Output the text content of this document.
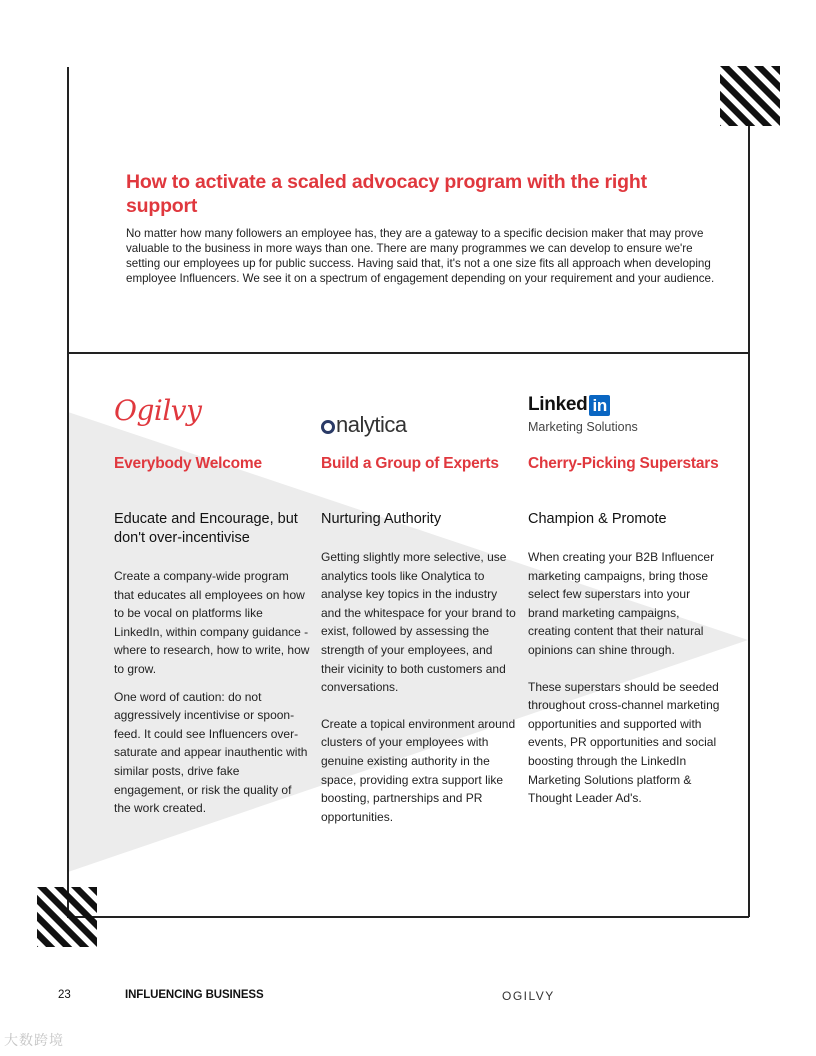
How to activate a scaled advocacy program with the right support

No matter how many followers an employee has, they are a gateway to a specific decision maker that may prove valuable to the business in more ways than one. There are many programmes we can develop to ensure we're setting our employees up for public success. Having said that, it's not a one size fits all approach when developing employee Influencers. We see it on a spectrum of engagement depending on your requirement and your audience.

Ogilvy
Everybody Welcome
Educate and Encourage, but don't over-incentivise

Create a company-wide program that educates all employees on how to be vocal on platforms like LinkedIn, within company guidance - where to research, how to write, how to grow.

One word of caution: do not aggressively incentivise or spoon-feed. It could see Influencers over-saturate and appear inauthentic with similar posts, drive fake engagement, or risk the quality of the work created.

nalytica
Build a Group of Experts
Nurturing Authority

Getting slightly more selective, use analytics tools like Onalytica to analyse key topics in the industry and the whitespace for your brand to exist, followed by assessing the strength of your employees, and their vicinity to both customers and conversations.

Create a topical environment around clusters of your employees with genuine existing authority in the space, providing extra support like boosting, partnerships and PR opportunities.

Linked in
Marketing Solutions
Cherry-Picking Superstars
Champion & Promote

When creating your B2B Influencer marketing campaigns, bring those select few superstars into your brand marketing campaigns, creating content that their natural opinions can shine through.

These superstars should be seeded throughout cross-channel marketing opportunities and supported with events, PR opportunities and social boosting through the LinkedIn Marketing Solutions platform & Thought Leader Ad's.

23	INFLUENCING BUSINESS	OGILVY
大数跨境
